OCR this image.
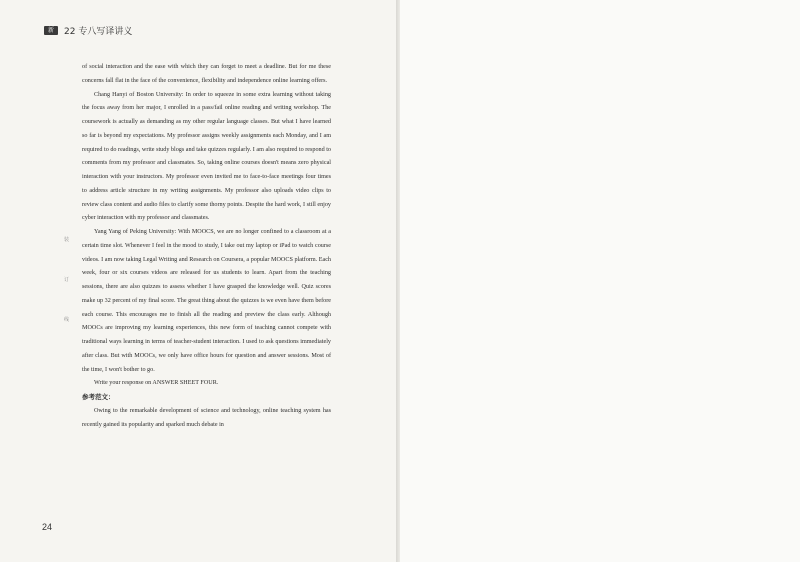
新	22 专八写译讲义
装
订
线

of social interaction and the ease with which they can forget to meet a deadline. But for me these concerns fall flat in the face of the convenience, flexibility and independence online learning offers.

Chang Hanyi of Boston University: In order to squeeze in some extra learning without taking the focus away from her major, I enrolled in a pass/fail online reading and writing workshop. The coursework is actually as demanding as my other regular language classes. But what I have learned so far is beyond my expectations. My professor assigns weekly assignments each Monday, and I am required to do readings, write study blogs and take quizzes regularly. I am also required to respond to comments from my professor and classmates. So, taking online courses doesn't means zero physical interaction with your instructors. My professor even invited me to face-to-face meetings four times to address article structure in my writing assignments. My professor also uploads video clips to review class content and audio files to clarify some thorny points. Despite the hard work, I still enjoy cyber interaction with my professor and classmates.

Yang Yang of Peking University: With MOOCS, we are no longer confined to a classroom at a certain time slot. Whenever I feel in the mood to study, I take out my laptop or iPad to watch course videos. I am now taking Legal Writing and Research on Coursera, a popular MOOCS platform. Each week, four or six courses videos are released for us students to learn. Apart from the teaching sessions, there are also quizzes to assess whether I have grasped the knowledge well. Quiz scores make up 32 percent of my final score. The great thing about the quizzes is we even have them before each course. This encourages me to finish all the reading and preview the class early. Although MOOCs are improving my learning experiences, this new form of teaching cannot compete with traditional ways learning in terms of teacher-student interaction. I used to ask questions immediately after class. But with MOOCs, we only have office hours for question and answer sessions. Most of the time, I won't bother to go.

Write your response on ANSWER SHEET FOUR.

参考范文：

Owing to the remarkable development of science and technology, online teaching system has recently gained its popularity and sparked much debate in

24
